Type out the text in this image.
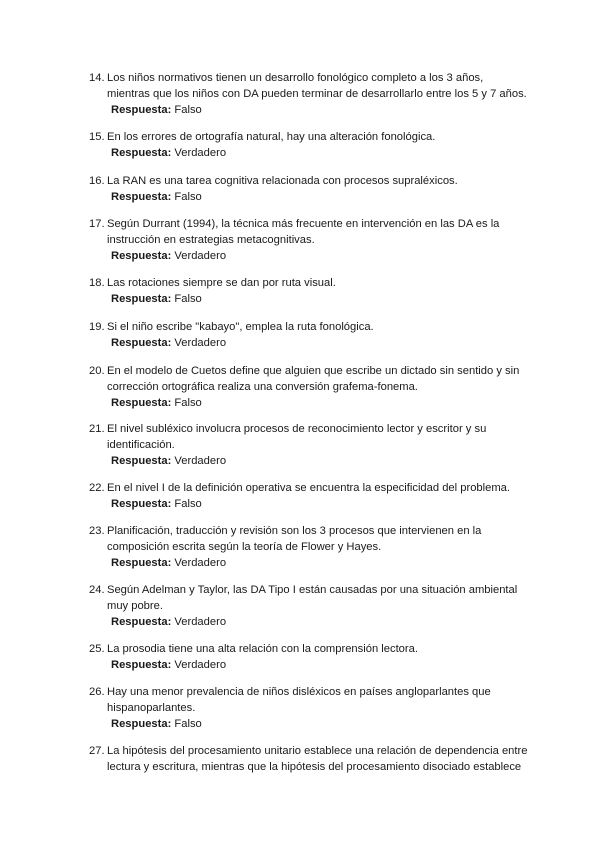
14. Los niños normativos tienen un desarrollo fonológico completo a los 3 años, mientras que los niños con DA pueden terminar de desarrollarlo entre los 5 y 7 años.
Respuesta: Falso
15. En los errores de ortografía natural, hay una alteración fonológica.
Respuesta: Verdadero
16. La RAN es una tarea cognitiva relacionada con procesos supraléxicos.
Respuesta: Falso
17. Según Durrant (1994), la técnica más frecuente en intervención en las DA es la instrucción en estrategias metacognitivas.
Respuesta: Verdadero
18. Las rotaciones siempre se dan por ruta visual.
Respuesta: Falso
19. Si el niño escribe "kabayo", emplea la ruta fonológica.
Respuesta: Verdadero
20. En el modelo de Cuetos define que alguien que escribe un dictado sin sentido y sin corrección ortográfica realiza una conversión grafema-fonema.
Respuesta: Falso
21. El nivel subléxico involucra procesos de reconocimiento lector y escritor y su identificación.
Respuesta: Verdadero
22. En el nivel I de la definición operativa se encuentra la especificidad del problema.
Respuesta: Falso
23. Planificación, traducción y revisión son los 3 procesos que intervienen en la composición escrita según la teoría de Flower y Hayes.
Respuesta: Verdadero
24. Según Adelman y Taylor, las DA Tipo I están causadas por una situación ambiental muy pobre.
Respuesta: Verdadero
25. La prosodia tiene una alta relación con la comprensión lectora.
Respuesta: Verdadero
26. Hay una menor prevalencia de niños disléxicos en países angloparlantes que hispanoparlantes.
Respuesta: Falso
27. La hipótesis del procesamiento unitario establece una relación de dependencia entre lectura y escritura, mientras que la hipótesis del procesamiento disociado establece
